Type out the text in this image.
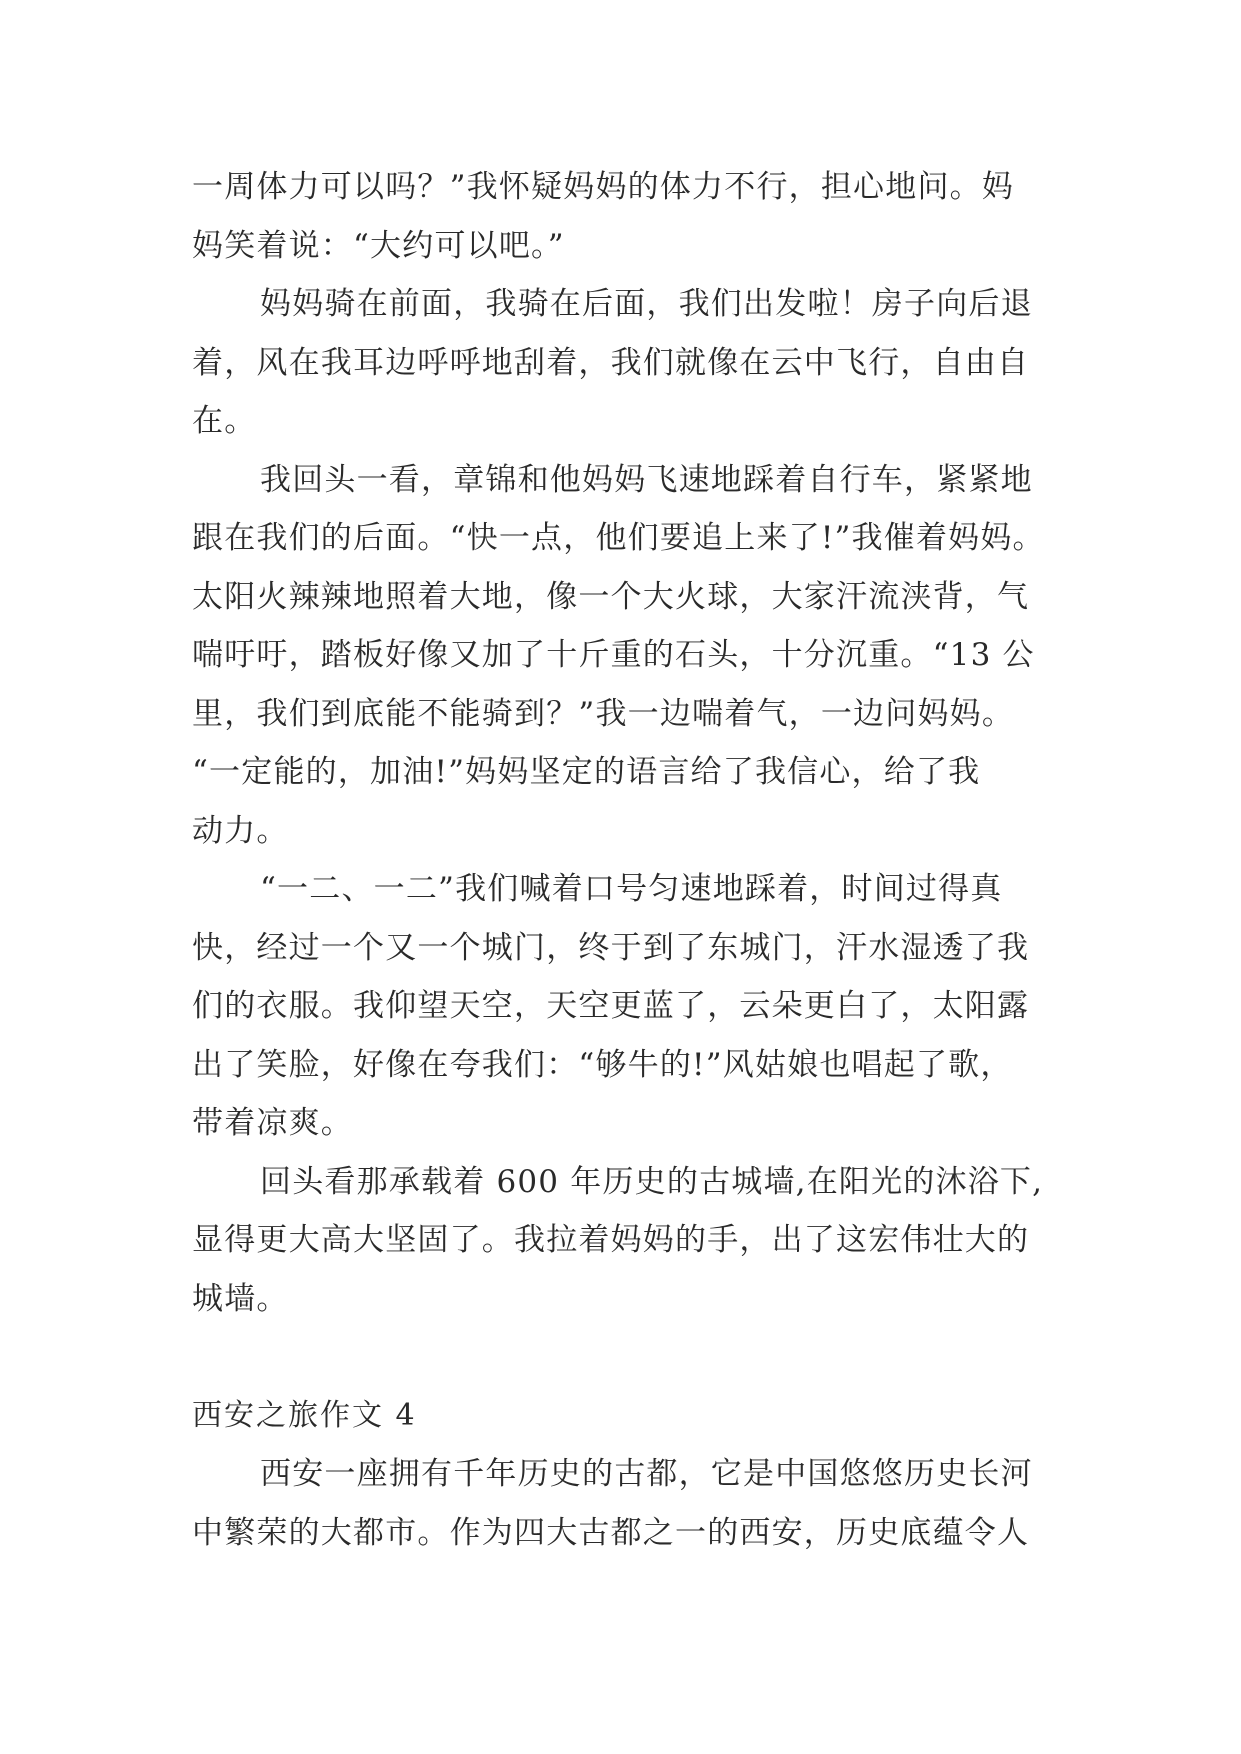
一周体力可以吗？”我怀疑妈妈的体力不行，担心地问。妈
妈笑着说：“大约可以吧。”
妈妈骑在前面，我骑在后面，我们出发啦！房子向后退
着，风在我耳边呼呼地刮着，我们就像在云中飞行，自由自
在。
我回头一看，章锦和他妈妈飞速地踩着自行车，紧紧地
跟在我们的后面。“快一点，他们要追上来了!”我催着妈妈。
太阳火辣辣地照着大地，像一个大火球，大家汗流浃背，气
喘吁吁，踏板好像又加了十斤重的石头，十分沉重。“13 公
里，我们到底能不能骑到？”我一边喘着气，一边问妈妈。
“一定能的，加油!”妈妈坚定的语言给了我信心，给了我
动力。
“一二、一二”我们喊着口号匀速地踩着，时间过得真
快，经过一个又一个城门，终于到了东城门，汗水湿透了我
们的衣服。我仰望天空，天空更蓝了，云朵更白了，太阳露
出了笑脸，好像在夸我们：“够牛的!”风姑娘也唱起了歌，
带着凉爽。
回头看那承载着 600 年历史的古城墙,在阳光的沐浴下,
显得更大高大坚固了。我拉着妈妈的手，出了这宏伟壮大的
城墙。
西安之旅作文 4
西安一座拥有千年历史的古都，它是中国悠悠历史长河
中繁荣的大都市。作为四大古都之一的西安，历史底蕴令人
